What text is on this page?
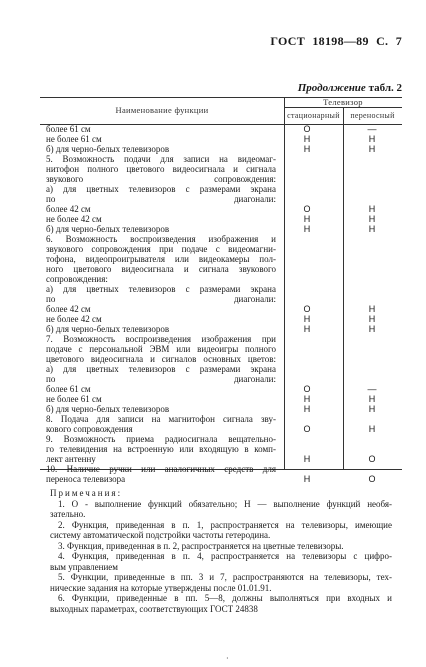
ГОСТ 18198—89 С. 7
Продолжение табл. 2
Наименование функции
Телевизор
стационарный	переносный
более 61 см	О	—
не более 61 см	Н	Н
б) для черно-белых телевизоров	Н	Н
5. Возможность подачи для записи на видеомаг-
нитофон полного цветового видеосигнала и сигнала
звукового сопровождения:
а) для цветных телевизоров с размерами экрана
по диагонали:
более 42 см	О	Н
не более 42 см	Н	Н
б) для черно-белых телевизоров	Н	Н
6. Возможность воспроизведения изображения и
звукового сопровождения при подаче с видеомагни-
тофона, видеопроигрывателя или видеокамеры пол-
ного цветового видеосигнала и сигнала звукового
сопровождения:
а) для цветных телевизоров с размерами экрана
по диагонали:
более 42 см	О	Н
не более 42 см	Н	Н
б) для черно-белых телевизоров	Н	Н
7. Возможность воспроизведения изображения при
подаче с персональной ЭВМ или видеоигры полного
цветового видеосигнала и сигналов основных цветов:
а) для цветных телевизоров с размерами экрана
по диагонали:
более 61 см	О	—
не более 61 см	Н	Н
б) для черно-белых телевизоров	Н	Н
8. Подача для записи на магнитофон сигнала зву-
кового сопровождения	О	Н
9. Возможность приема радиосигнала вещательно-
го телевидения на встроенную или входящую в комп-
лект антенну	Н	О
10. Наличие ручки или аналогичных средств для
переноса телевизора	Н	О
Примечания:
1. О - выполнение функций обязательно; Н — выполнение функций необя-
зательно.
2. Функция, приведенная в п. 1, распространяется на телевизоры, имеющие
систему автоматической подстройки частоты гетеродина.
3. Функция, приведенная в п. 2, распространяется на цветные телевизоры.
4. Функция, приведенная в п. 4, распространяется на телевизоры с цифро-
вым управлением
5. Функции, приведенные в пп. 3 и 7, распространяются на телевизоры, тех-
нические задания на которые утверждены после 01.01.91.
6. Функции, приведенные в пп. 5—8, должны выполняться при входных и
выходных параметрах, соответствующих ГОСТ 24838
·
